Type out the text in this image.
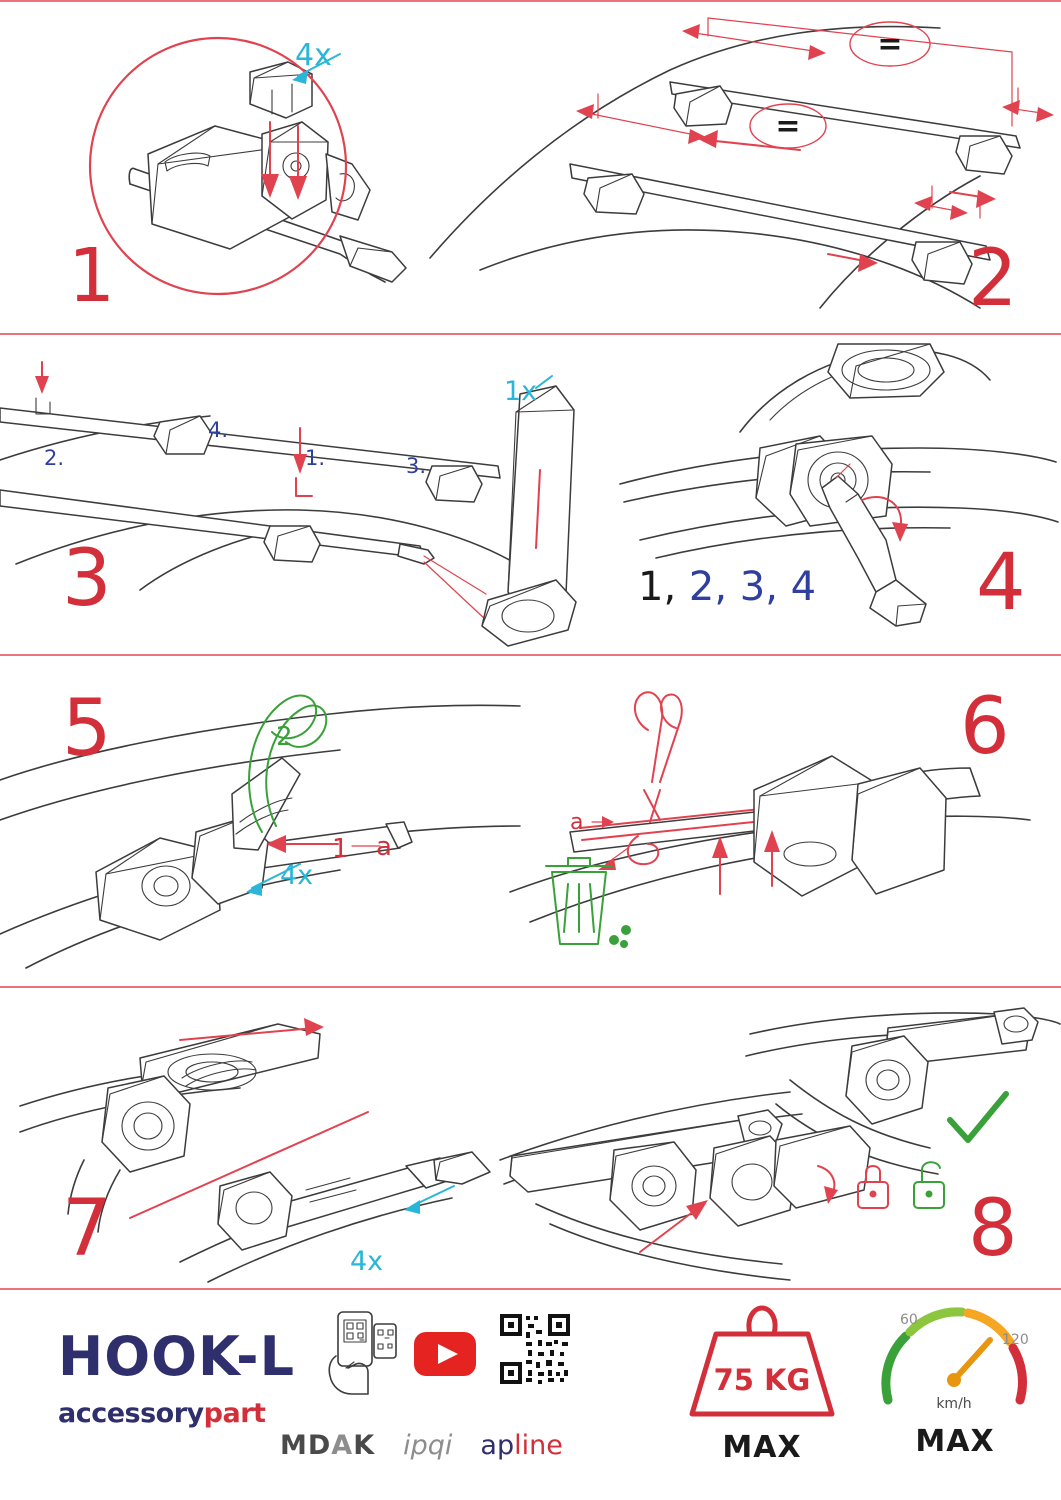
4x
1
=
=
2
2.
4.
1.	3.
1x
3	1, 2, 3, 4 4
1
2
a
4x
5
a
6
4x
7	8
HOOK-L
accessorypart
75 KG
MAX
60
120
km/h
MAX
MDAK ipqi apline
